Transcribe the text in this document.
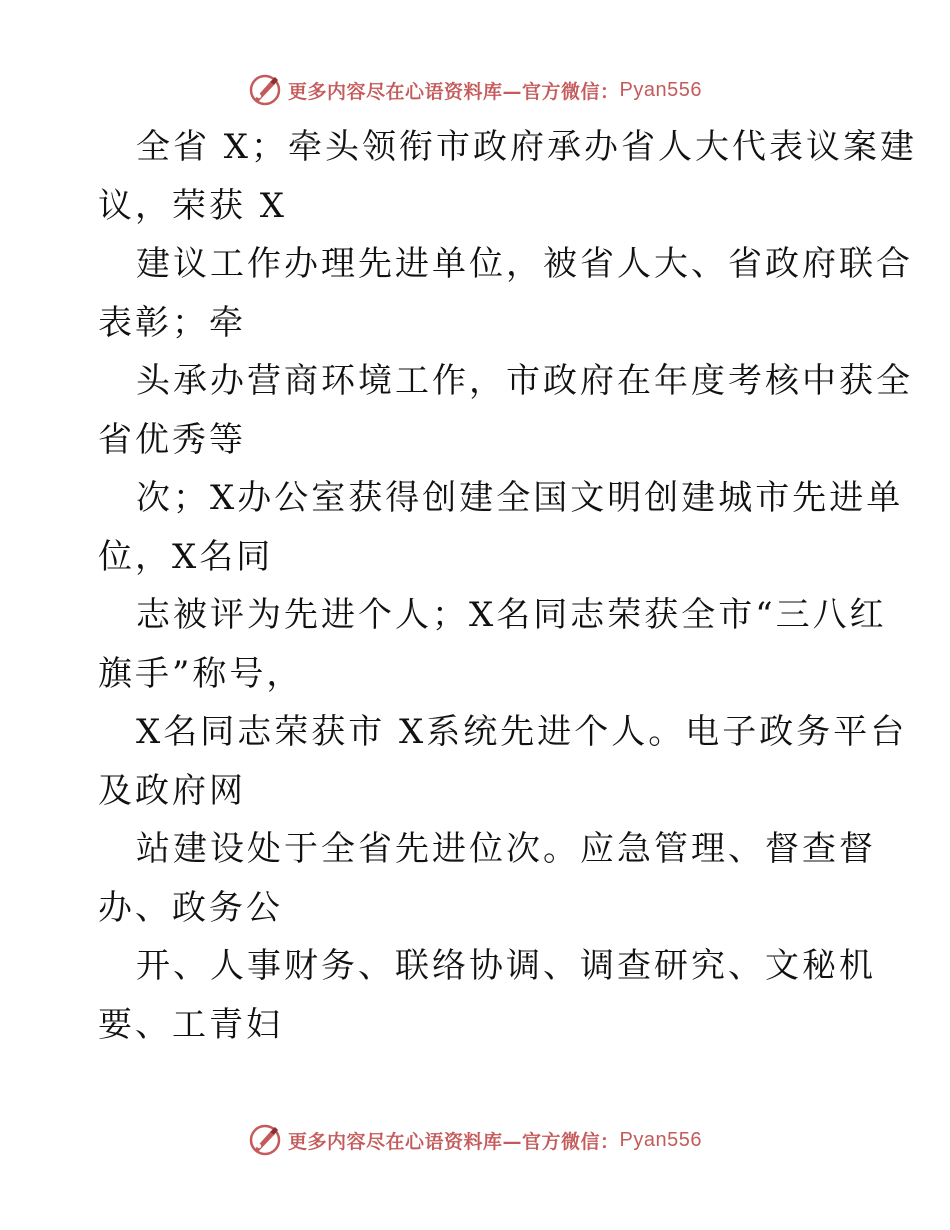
更多内容尽在心语资料库—官方微信： Pyan556
全省 X；牵头领衔市政府承办省人大代表议案建
议，荣获 X
建议工作办理先进单位，被省人大、省政府联合
表彰；牵
头承办营商环境工作，市政府在年度考核中获全
省优秀等
次；X办公室获得创建全国文明创建城市先进单
位，X名同
志被评为先进个人；X名同志荣获全市“三八红
旗手”称号，
X名同志荣获市 X系统先进个人。电子政务平台
及政府网
站建设处于全省先进位次。应急管理、督查督
办、政务公
开、人事财务、联络协调、调查研究、文秘机
要、工青妇
更多内容尽在心语资料库—官方微信： Pyan556
